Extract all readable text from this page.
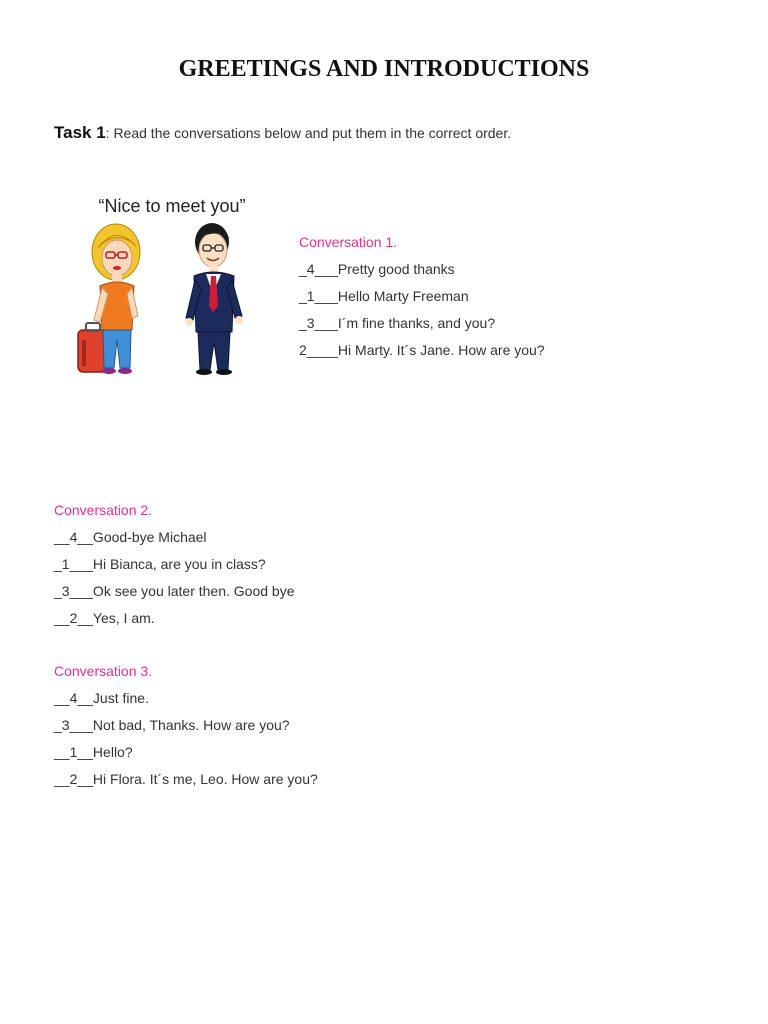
GREETINGS AND INTRODUCTIONS
Task 1: Read the conversations below and put them in the correct order.
“Nice to meet you”
Conversation 1.
_4___Pretty good thanks
_1___Hello Marty Freeman
_3___I´m fine thanks, and you?
2____Hi Marty. It´s Jane. How are you?
Conversation 2.
__4__Good-bye Michael
_1___Hi Bianca, are you in class?
_3___Ok see you later then. Good bye
__2__Yes, I am.
Conversation 3.
__4__Just fine.
_3___Not bad, Thanks. How are you?
__1__Hello?
__2__Hi Flora. It´s me, Leo. How are you?
